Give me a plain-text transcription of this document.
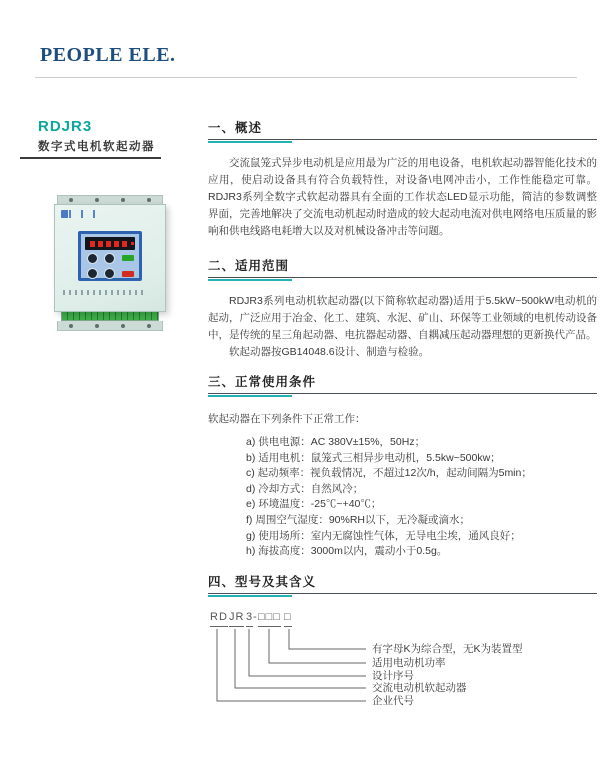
PEOPLE ELE.
RDJR3
数字式电机软起动器
一、概述
交流鼠笼式异步电动机是应用最为广泛的用电设备，电机软起动器智能化技术的应用，使启动设备具有符合负载特性，对设备\电网冲击小，工作性能稳定可靠。RDJR3系列全数字式软起动器具有全面的工作状态LED显示功能，简洁的参数调整界面，完善地解决了交流电动机起动时造成的较大起动电流对供电网络电压质量的影响和供电线路电耗增大以及对机械设备冲击等问题。
二、适用范围
RDJR3系列电动机软起动器(以下简称软起动器)适用于5.5kW~500kW电动机的起动，广泛应用于冶金、化工、建筑、水泥、矿山、环保等工业领域的电机传动设备中，是传统的星三角起动器、电抗器起动器、自耦减压起动器理想的更新换代产品。
软起动器按GB14048.6设计、制造与检验。
三、正常使用条件
软起动器在下列条件下正常工作：
a) 供电电源：AC 380V±15%，50Hz；
b) 适用电机：鼠笼式三相异步电动机，5.5kw~500kw；
c) 起动频率：视负载情况，不超过12次/h，起动间隔为5min；
d) 冷却方式：自然风冷；
e) 环境温度：-25℃~+40℃；
f) 周围空气湿度：90%RH以下，无冷凝或滴水；
g) 使用场所：室内无腐蚀性气体，无导电尘埃，通风良好；
h) 海拔高度：3000m以内，震动小于0.5g。
四、型号及其含义
RD JR 3 - □□□ □
有字母K为综合型，无K为装置型
适用电动机功率
设计序号
交流电动机软起动器
企业代号
